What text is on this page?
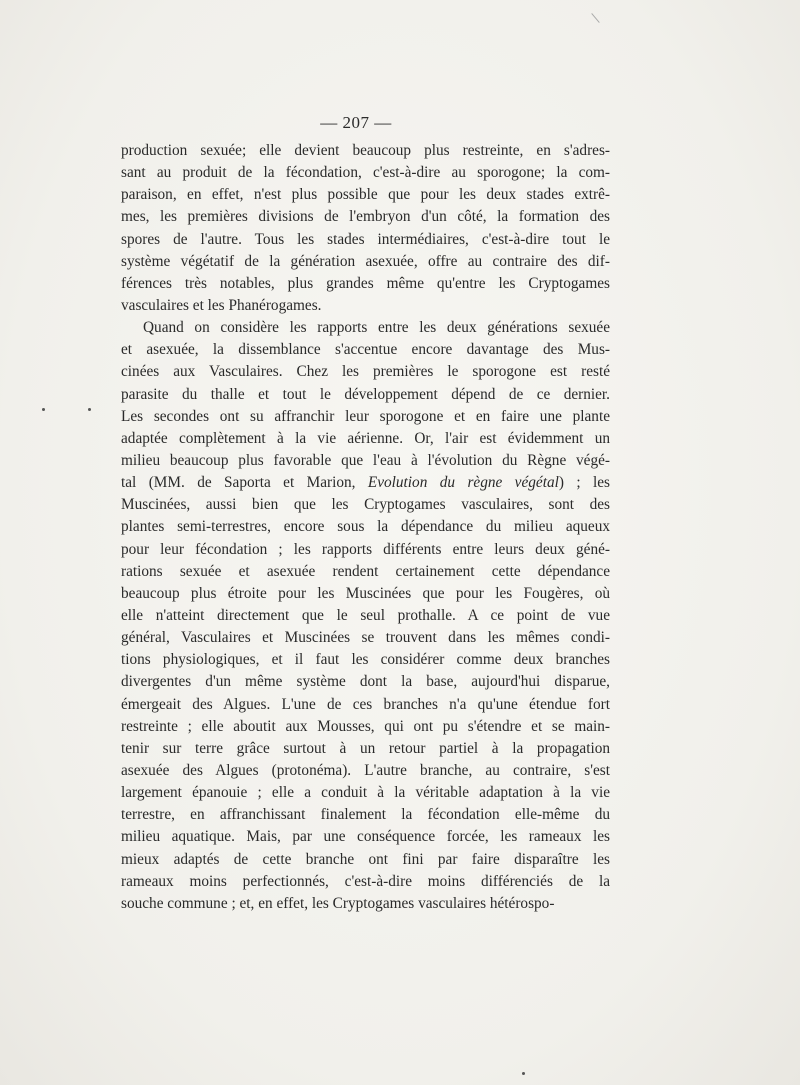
— 207 —
production sexuée; elle devient beaucoup plus restreinte, en s'adres-
sant au produit de la fécondation, c'est-à-dire au sporogone; la com-
paraison, en effet, n'est plus possible que pour les deux stades extrê-
mes, les premières divisions de l'embryon d'un côté, la formation des
spores de l'autre. Tous les stades intermédiaires, c'est-à-dire tout le
système végétatif de la génération asexuée, offre au contraire des dif-
férences très notables, plus grandes même qu'entre les Cryptogames
vasculaires et les Phanérogames.
Quand on considère les rapports entre les deux générations sexuée
et asexuée, la dissemblance s'accentue encore davantage des Mus-
cinées aux Vasculaires. Chez les premières le sporogone est resté
parasite du thalle et tout le développement dépend de ce dernier.
Les secondes ont su affranchir leur sporogone et en faire une plante
adaptée complètement à la vie aérienne. Or, l'air est évidemment un
milieu beaucoup plus favorable que l'eau à l'évolution du Règne végé-
tal (MM. de Saporta et Marion, Evolution du règne végétal) ; les
Muscinées, aussi bien que les Cryptogames vasculaires, sont des
plantes semi-terrestres, encore sous la dépendance du milieu aqueux
pour leur fécondation ; les rapports différents entre leurs deux géné-
rations sexuée et asexuée rendent certainement cette dépendance
beaucoup plus étroite pour les Muscinées que pour les Fougères, où
elle n'atteint directement que le seul prothalle. A ce point de vue
général, Vasculaires et Muscinées se trouvent dans les mêmes condi-
tions physiologiques, et il faut les considérer comme deux branches
divergentes d'un même système dont la base, aujourd'hui disparue,
émergeait des Algues. L'une de ces branches n'a qu'une étendue fort
restreinte ; elle aboutit aux Mousses, qui ont pu s'étendre et se main-
tenir sur terre grâce surtout à un retour partiel à la propagation
asexuée des Algues (protonéma). L'autre branche, au contraire, s'est
largement épanouie ; elle a conduit à la véritable adaptation à la vie
terrestre, en affranchissant finalement la fécondation elle-même du
milieu aquatique. Mais, par une conséquence forcée, les rameaux les
mieux adaptés de cette branche ont fini par faire disparaître les
rameaux moins perfectionnés, c'est-à-dire moins différenciés de la
souche commune ; et, en effet, les Cryptogames vasculaires hétérospo-
